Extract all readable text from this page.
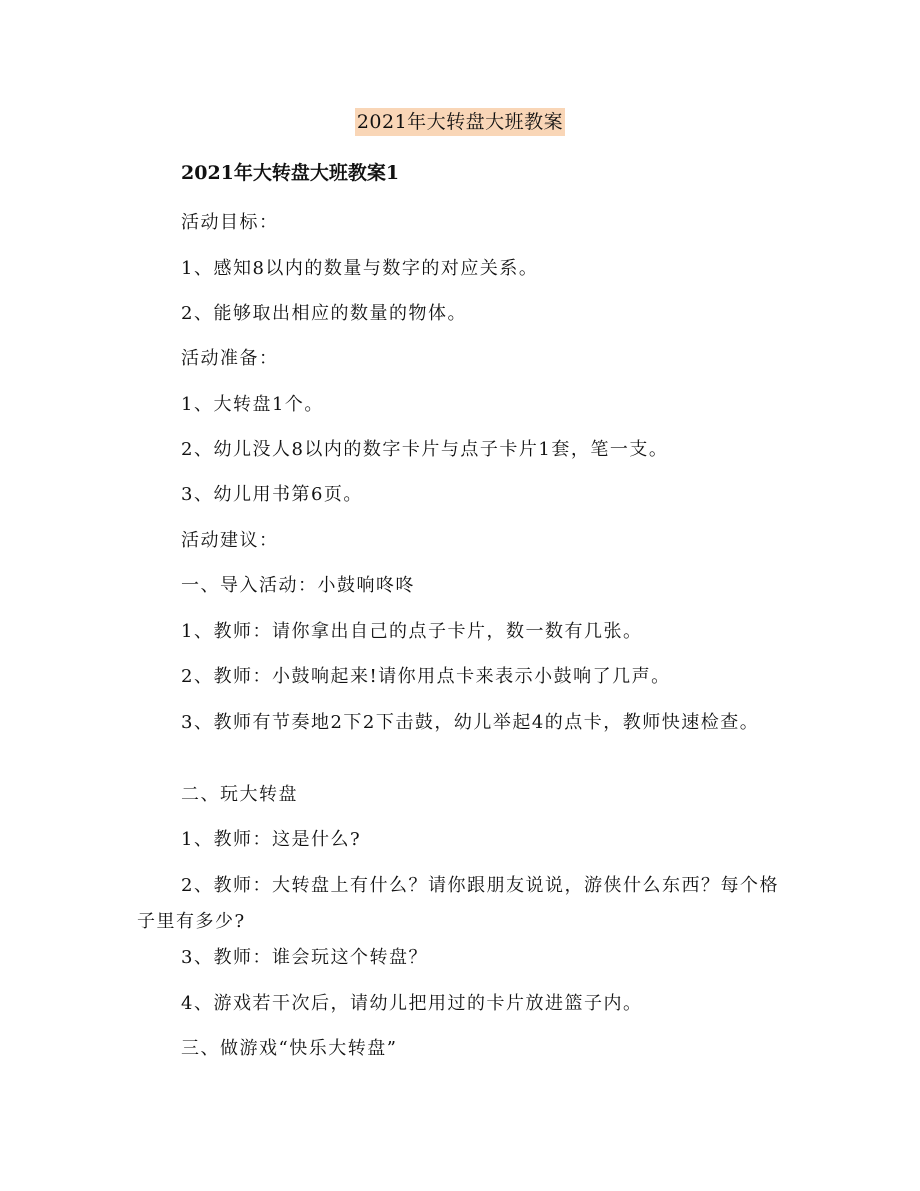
2021年大转盘大班教案
2021年大转盘大班教案1
活动目标：
1、感知8以内的数量与数字的对应关系。
2、能够取出相应的数量的物体。
活动准备：
1、大转盘1个。
2、幼儿没人8以内的数字卡片与点子卡片1套，笔一支。
3、幼儿用书第6页。
活动建议：
一、导入活动：小鼓响咚咚
1、教师：请你拿出自己的点子卡片，数一数有几张。
2、教师：小鼓响起来!请你用点卡来表示小鼓响了几声。
3、教师有节奏地2下2下击鼓，幼儿举起4的点卡，教师快速检查。
二、玩大转盘
1、教师：这是什么?
2、教师：大转盘上有什么？请你跟朋友说说，游侠什么东西？每个格子里有多少?
3、教师：谁会玩这个转盘？
4、游戏若干次后，请幼儿把用过的卡片放进篮子内。
三、做游戏“快乐大转盘”
